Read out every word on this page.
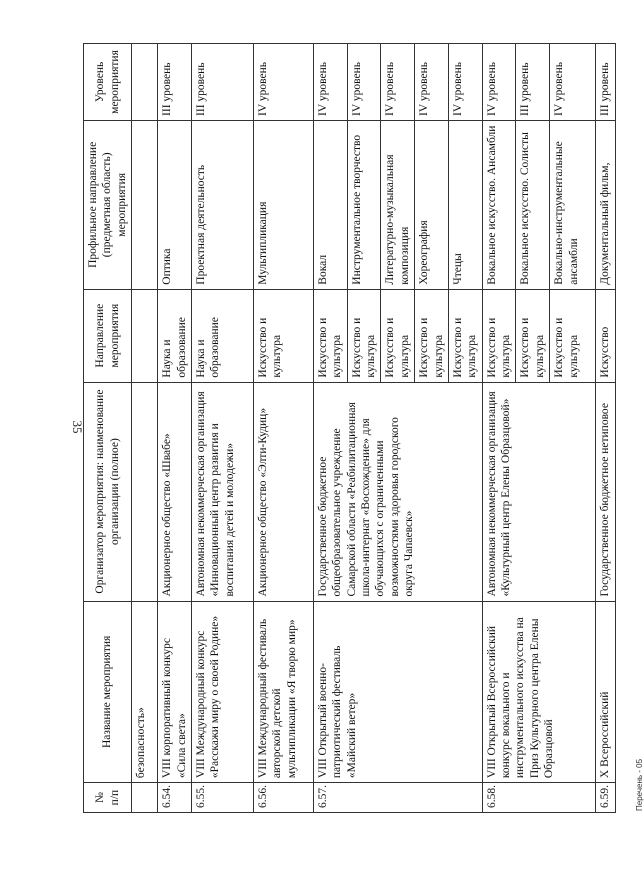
35
№ п/п	Название мероприятия	Организатор мероприятия: наименование организации (полное)	Направление мероприятия	Профильное направление (предметная область) мероприятия	Уровень мероприятия
	безопасность»				
6.54.	VIII корпоративный конкурс «Сила света»	Акционерное общество «Швабе»	Наука и образование	Оптика	III уровень
6.55.	VIII Международный конкурс «Расскажи миру о своей Родине»	Автономная некоммерческая организация «Инновационный центр развития и воспитания детей и молодежи»	Наука и образование	Проектная деятельность	III уровень
6.56.	VIII Международный фестиваль авторской детской мультипликации «Я творю мир»	Акционерное общество «Элти-Кудиц»	Искусство и культура	Мультипликация	IV уровень
6.57.	VIII Открытый военно-патриотический фестиваль «Майский ветер»	Государственное бюджетное общеобразовательное учреждение Самарской области «Реабилитационная школа-интернат «Восхождение» для обучающихся с ограниченными возможностями здоровья городского округа Чапаевск»	Искусство и культура	Вокал	IV уровень
			Искусство и культура	Инструментальное творчество	IV уровень
			Искусство и культура	Литературно-музыкальная композиция	IV уровень
			Искусство и культура	Хореография	IV уровень
			Искусство и культура	Чтецы	IV уровень
6.58.	VIII Открытый Всероссийский конкурс вокального и инструментального искусства на Приз Культурного центра Елены Образцовой	Автономная некоммерческая организация «Культурный центр Елены Образцовой»	Искусство и культура	Вокальное искусство. Ансамбли	IV уровень
			Искусство и культура	Вокальное искусство. Солисты	III уровень
			Искусство и культура	Вокально-инструментальные ансамбли	IV уровень
6.59.	X Всероссийский	Государственное бюджетное нетиповое	Искусство	Документальный фильм,	III уровень
Перечень - 05
